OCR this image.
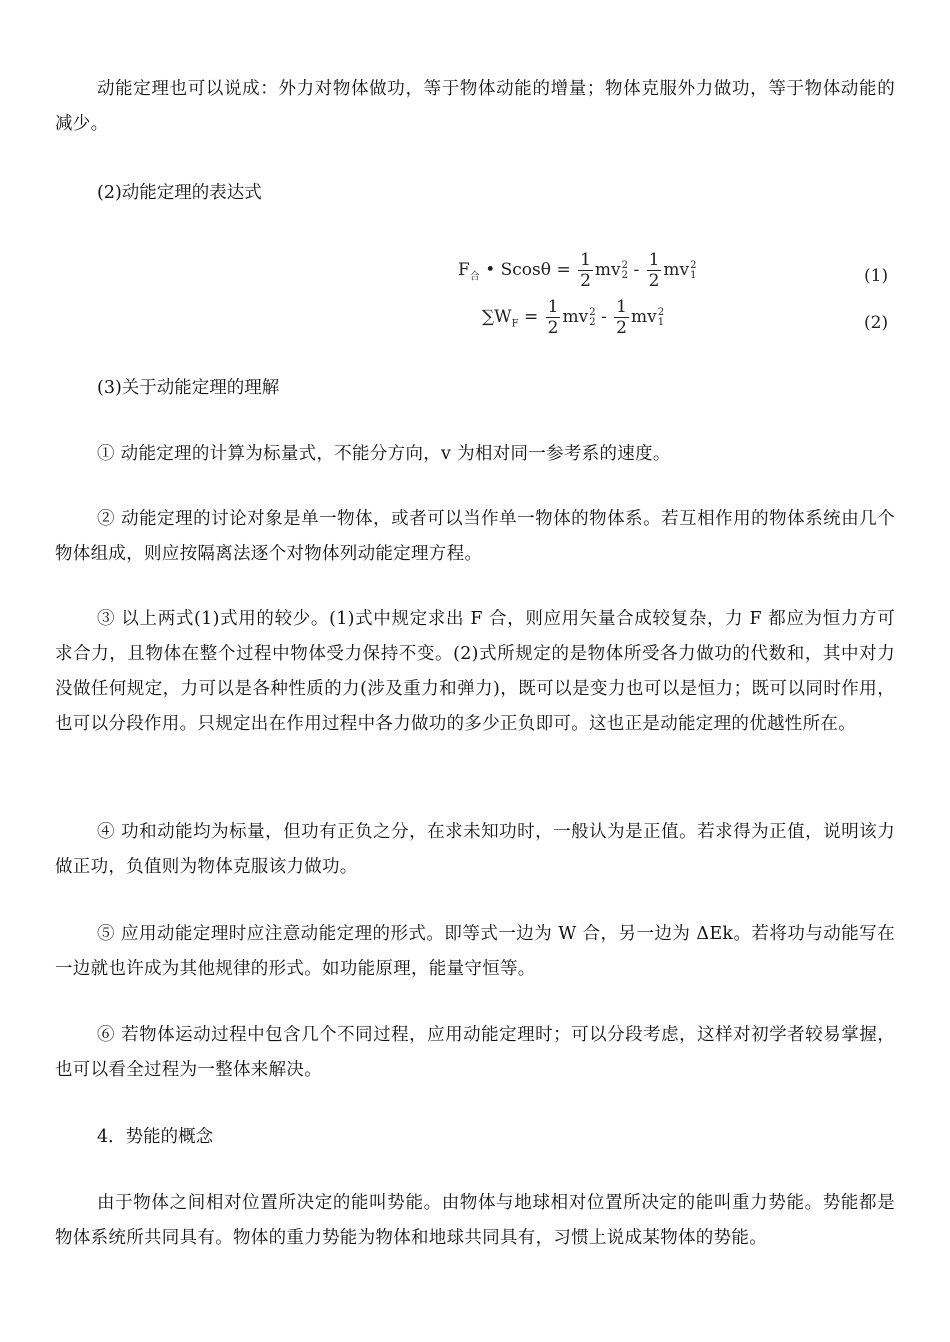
动能定理也可以说成：外力对物体做功，等于物体动能的增量；物体克服外力做功，等于物体动能的减少。

(2)动能定理的表达式

$F_合$ • $Scos\theta = \frac{1}{2}$ mv 2
$2 - \frac{1}{2}$ mv 2
1	(1)
$\sum W_F = \frac{1}{2}$ mv 2
$2 - \frac{1}{2}$ mv 2
1	(2)

(3)关于动能定理的理解

① 动能定理的计算为标量式，不能分方向，v 为相对同一参考系的速度。

② 动能定理的讨论对象是单一物体，或者可以当作单一物体的物体系。若互相作用的物体系统由几个物体组成，则应按隔离法逐个对物体列动能定理方程。

③ 以上两式(1)式用的较少。(1)式中规定求出 F 合，则应用矢量合成较复杂，力 F 都应为恒力方可求合力，且物体在整个过程中物体受力保持不变。(2)式所规定的是物体所受各力做功的代数和，其中对力没做任何规定，力可以是各种性质的力(涉及重力和弹力)，既可以是变力也可以是恒力；既可以同时作用，也可以分段作用。只规定出在作用过程中各力做功的多少正负即可。这也正是动能定理的优越性所在。

④ 功和动能均为标量，但功有正负之分，在求未知功时，一般认为是正值。若求得为正值，说明该力做正功，负值则为物体克服该力做功。

⑤ 应用动能定理时应注意动能定理的形式。即等式一边为 W 合，另一边为 ΔEk。若将功与动能写在一边就也许成为其他规律的形式。如功能原理，能量守恒等。

⑥ 若物体运动过程中包含几个不同过程，应用动能定理时；可以分段考虑，这样对初学者较易掌握，也可以看全过程为一整体来解决。

4．势能的概念

由于物体之间相对位置所决定的能叫势能。由物体与地球相对位置所决定的能叫重力势能。势能都是物体系统所共同具有。物体的重力势能为物体和地球共同具有，习惯上说成某物体的势能。
